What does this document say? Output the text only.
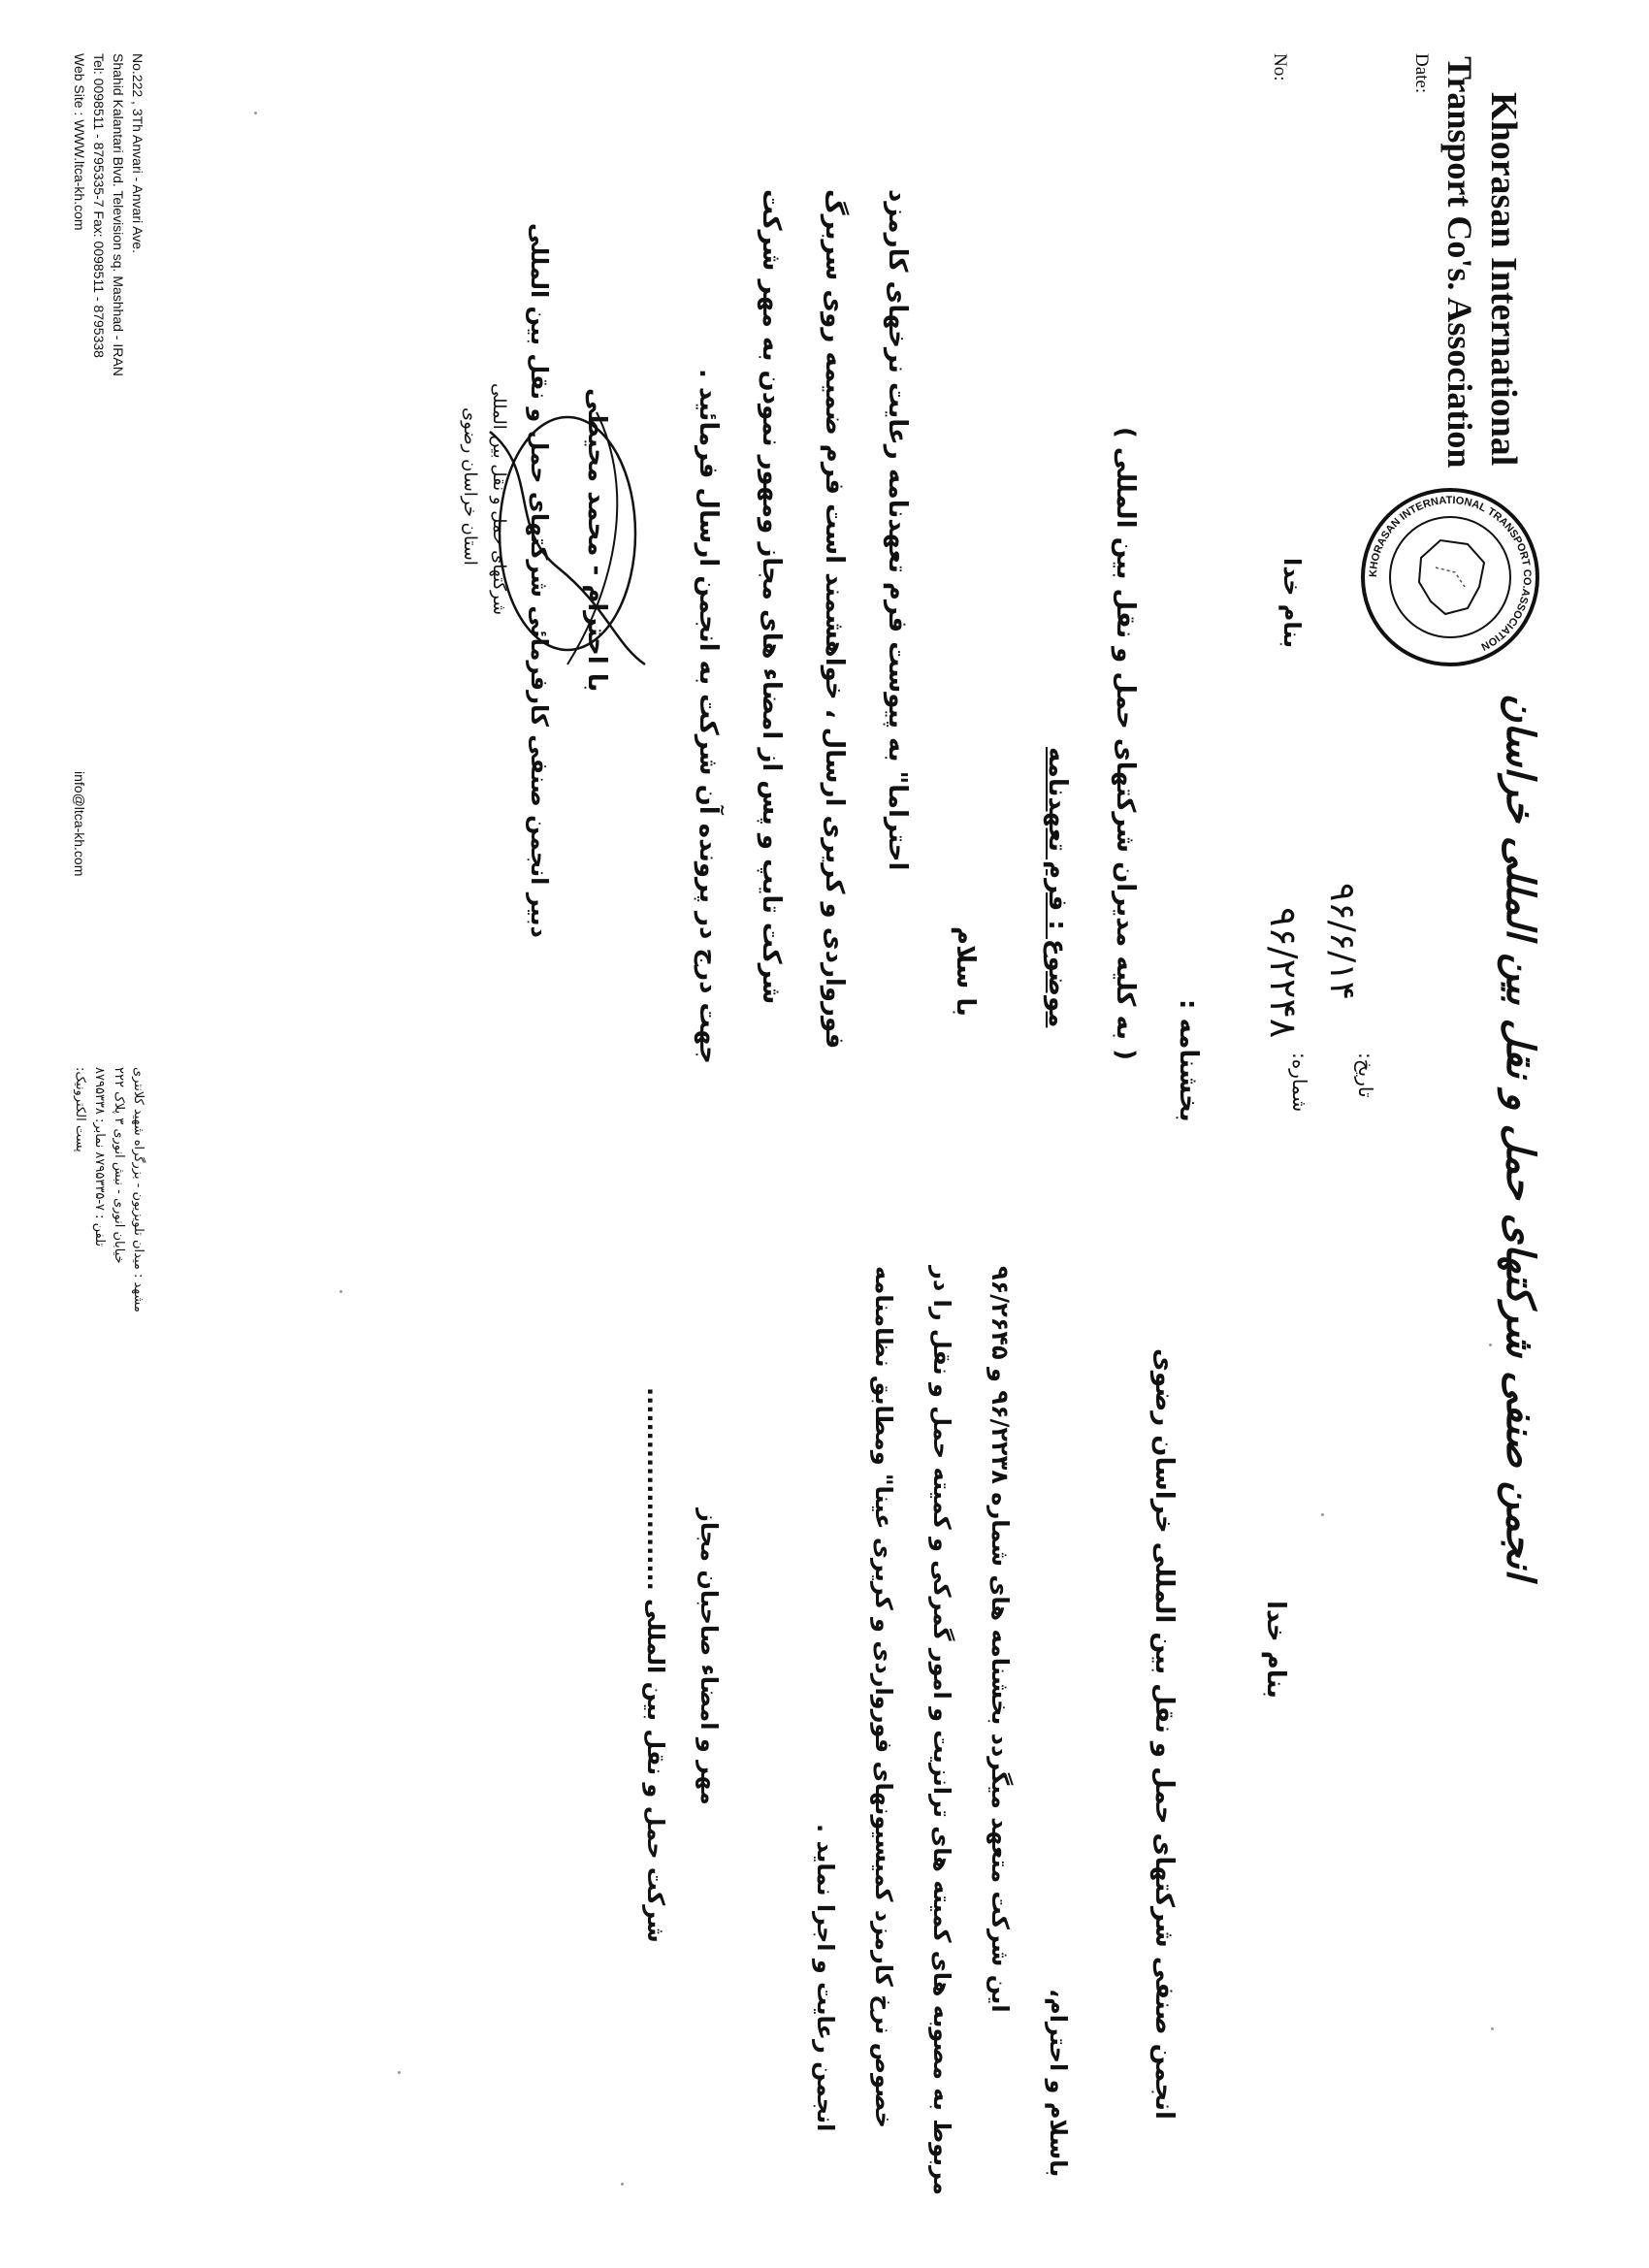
Khorasan International
Transport Co's. Association
Date:
No:
KHORASAN INTERNATIONAL TRANSPORT CO.ASSOCIATION
انجمن صنفی شرکتهای حمل و نقل بین المللی خراسان
تاریخ:
۹۶/۶/۱۴
شماره:
۹۶/۲۲۴۸
بنام خدا
بخشنامه :
( به کلیه مدیران شرکتهای حمل و نقل بین المللی )
موضوع : فرم تعهدنامه
با سلام
احتراما" به پیوست فرم تعهدنامه رعایت نرخهای کارمزد
فورواردی و کریری ارسال ، خواهشمند است فرم ضمیمه روی سربرگ
شرکت تایپ و پس از امضاء های مجاز ومهور نمودن به مهر شرکت
جهت درج در پرونده آن شرکت به انجمن ارسال فرمائید .
با احترام - محمد محیطی
دبیر انجمن صنفی کارفرمائی شرکتهای حمل و نقل بین المللی
شرکتهای حمل و نقل بین المللی
استان خراسان رضوی
بنام خدا
انجمن صنفی شرکتهای حمل و نقل بین المللی خراسان رضوی
باسلام و احترام،
این شرکت متعهد میگردد بخشنامه های شماره ۹۶/۲۲۳۸ و ۹۶/۲۶۴۵
مربوط به مصوبه های کمیته های ترانزیت و امور گمرکی و کمیته حمل و نقل را در
خصوص نرخ کارمزد کمیسیونهای فورواردی و کریری عینا" ومطابق نظامنامه
انجمن رعایت و اجرا نماید .
مهر و امضاء صاحبان مجاز
شرکت حمل و نقل بین المللی .......................
No.222 , 3Th Anvari - Anvari Ave.
Shahid Kalantari Blvd. Television sq. Mashhad - IRAN
Tel: 0098511 - 8795335-7 Fax: 0098511 - 8795338
Web Site : WWW.ltca-kh.com
info@ltca-kh.com
مشهد : میدان تلویزیون - بزرگراه شهید کلانتری
خیابان انوری - نبش انوری ۳ پلاک ۲۲۲
تلفن : ۷-۸۷۹۵۳۳۵ نمابر: ۸۷۹۵۳۳۸
پست الکترونیک:
